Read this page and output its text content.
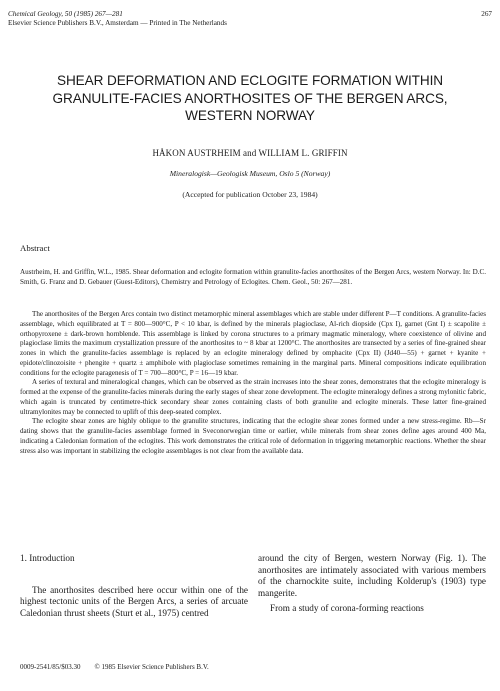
Chemical Geology, 50 (1985) 267—281
Elsevier Science Publishers B.V., Amsterdam — Printed in The Netherlands
267
SHEAR DEFORMATION AND ECLOGITE FORMATION WITHIN
GRANULITE-FACIES ANORTHOSITES OF THE BERGEN ARCS,
WESTERN NORWAY
HÅKON AUSTRHEIM and WILLIAM L. GRIFFIN
Mineralogisk—Geologisk Museum, Oslo 5 (Norway)
(Accepted for publication October 23, 1984)
Abstract
Austrheim, H. and Griffin, W.L., 1985. Shear deformation and eclogite formation within granulite-facies anorthosites of the Bergen Arcs, western Norway. In: D.C. Smith, G. Franz and D. Gebauer (Guest-Editors), Chemistry and Petrology of Eclogites. Chem. Geol., 50: 267—281.

The anorthosites of the Bergen Arcs contain two distinct metamorphic mineral assemblages which are stable under different P—T conditions. A granulite-facies assemblage, which equilibrated at T = 800—900°C, P < 10 kbar, is defined by the minerals plagioclase, Al-rich diopside (Cpx I), garnet (Gnt I) ± scapolite ± orthopyroxene ± dark-brown hornblende. This assemblage is linked by corona structures to a primary magmatic mineralogy, where coexistence of olivine and plagioclase limits the maximum crystallization pressure of the anorthosites to ~ 8 kbar at 1200°C. The anorthosites are transected by a series of fine-grained shear zones in which the granulite-facies assemblage is replaced by an eclogite mineralogy defined by omphacite (Cpx II) (Jd40—55) + garnet + kyanite + epidote/clinozoisite + phengite + quartz ± amphibole with plagioclase sometimes remaining in the marginal parts. Mineral compositions indicate equilibration conditions for the eclogite paragenesis of T = 700—800°C, P = 16—19 kbar.

A series of textural and mineralogical changes, which can be observed as the strain increases into the shear zones, demonstrates that the eclogite mineralogy is formed at the expense of the granulite-facies minerals during the early stages of shear zone development. The eclogite mineralogy defines a strong mylonitic fabric, which again is truncated by centimetre-thick secondary shear zones containing clasts of both granulite and eclogite minerals. These latter fine-grained ultramylonites may be connected to uplift of this deep-seated complex.

The eclogite shear zones are highly oblique to the granulite structures, indicating that the eclogite shear zones formed under a new stress-regime. Rb—Sr dating shows that the granulite-facies assemblage formed in Sveconorwegian time or earlier, while minerals from shear zones define ages around 400 Ma, indicating a Caledonian formation of the eclogites. This work demonstrates the critical role of deformation in triggering metamorphic reactions. Whether the shear stress also was important in stabilizing the eclogite assemblages is not clear from the available data.

1. Introduction

The anorthosites described here occur within one of the highest tectonic units of the Bergen Arcs, a series of arcuate Caledonian thrust sheets (Sturt et al., 1975) centred

around the city of Bergen, western Norway (Fig. 1). The anorthosites are intimately associated with various members of the charnockite suite, including Kolderup's (1903) type mangerite.

From a study of corona-forming reactions

0009-2541/85/$03.30 © 1985 Elsevier Science Publishers B.V.
